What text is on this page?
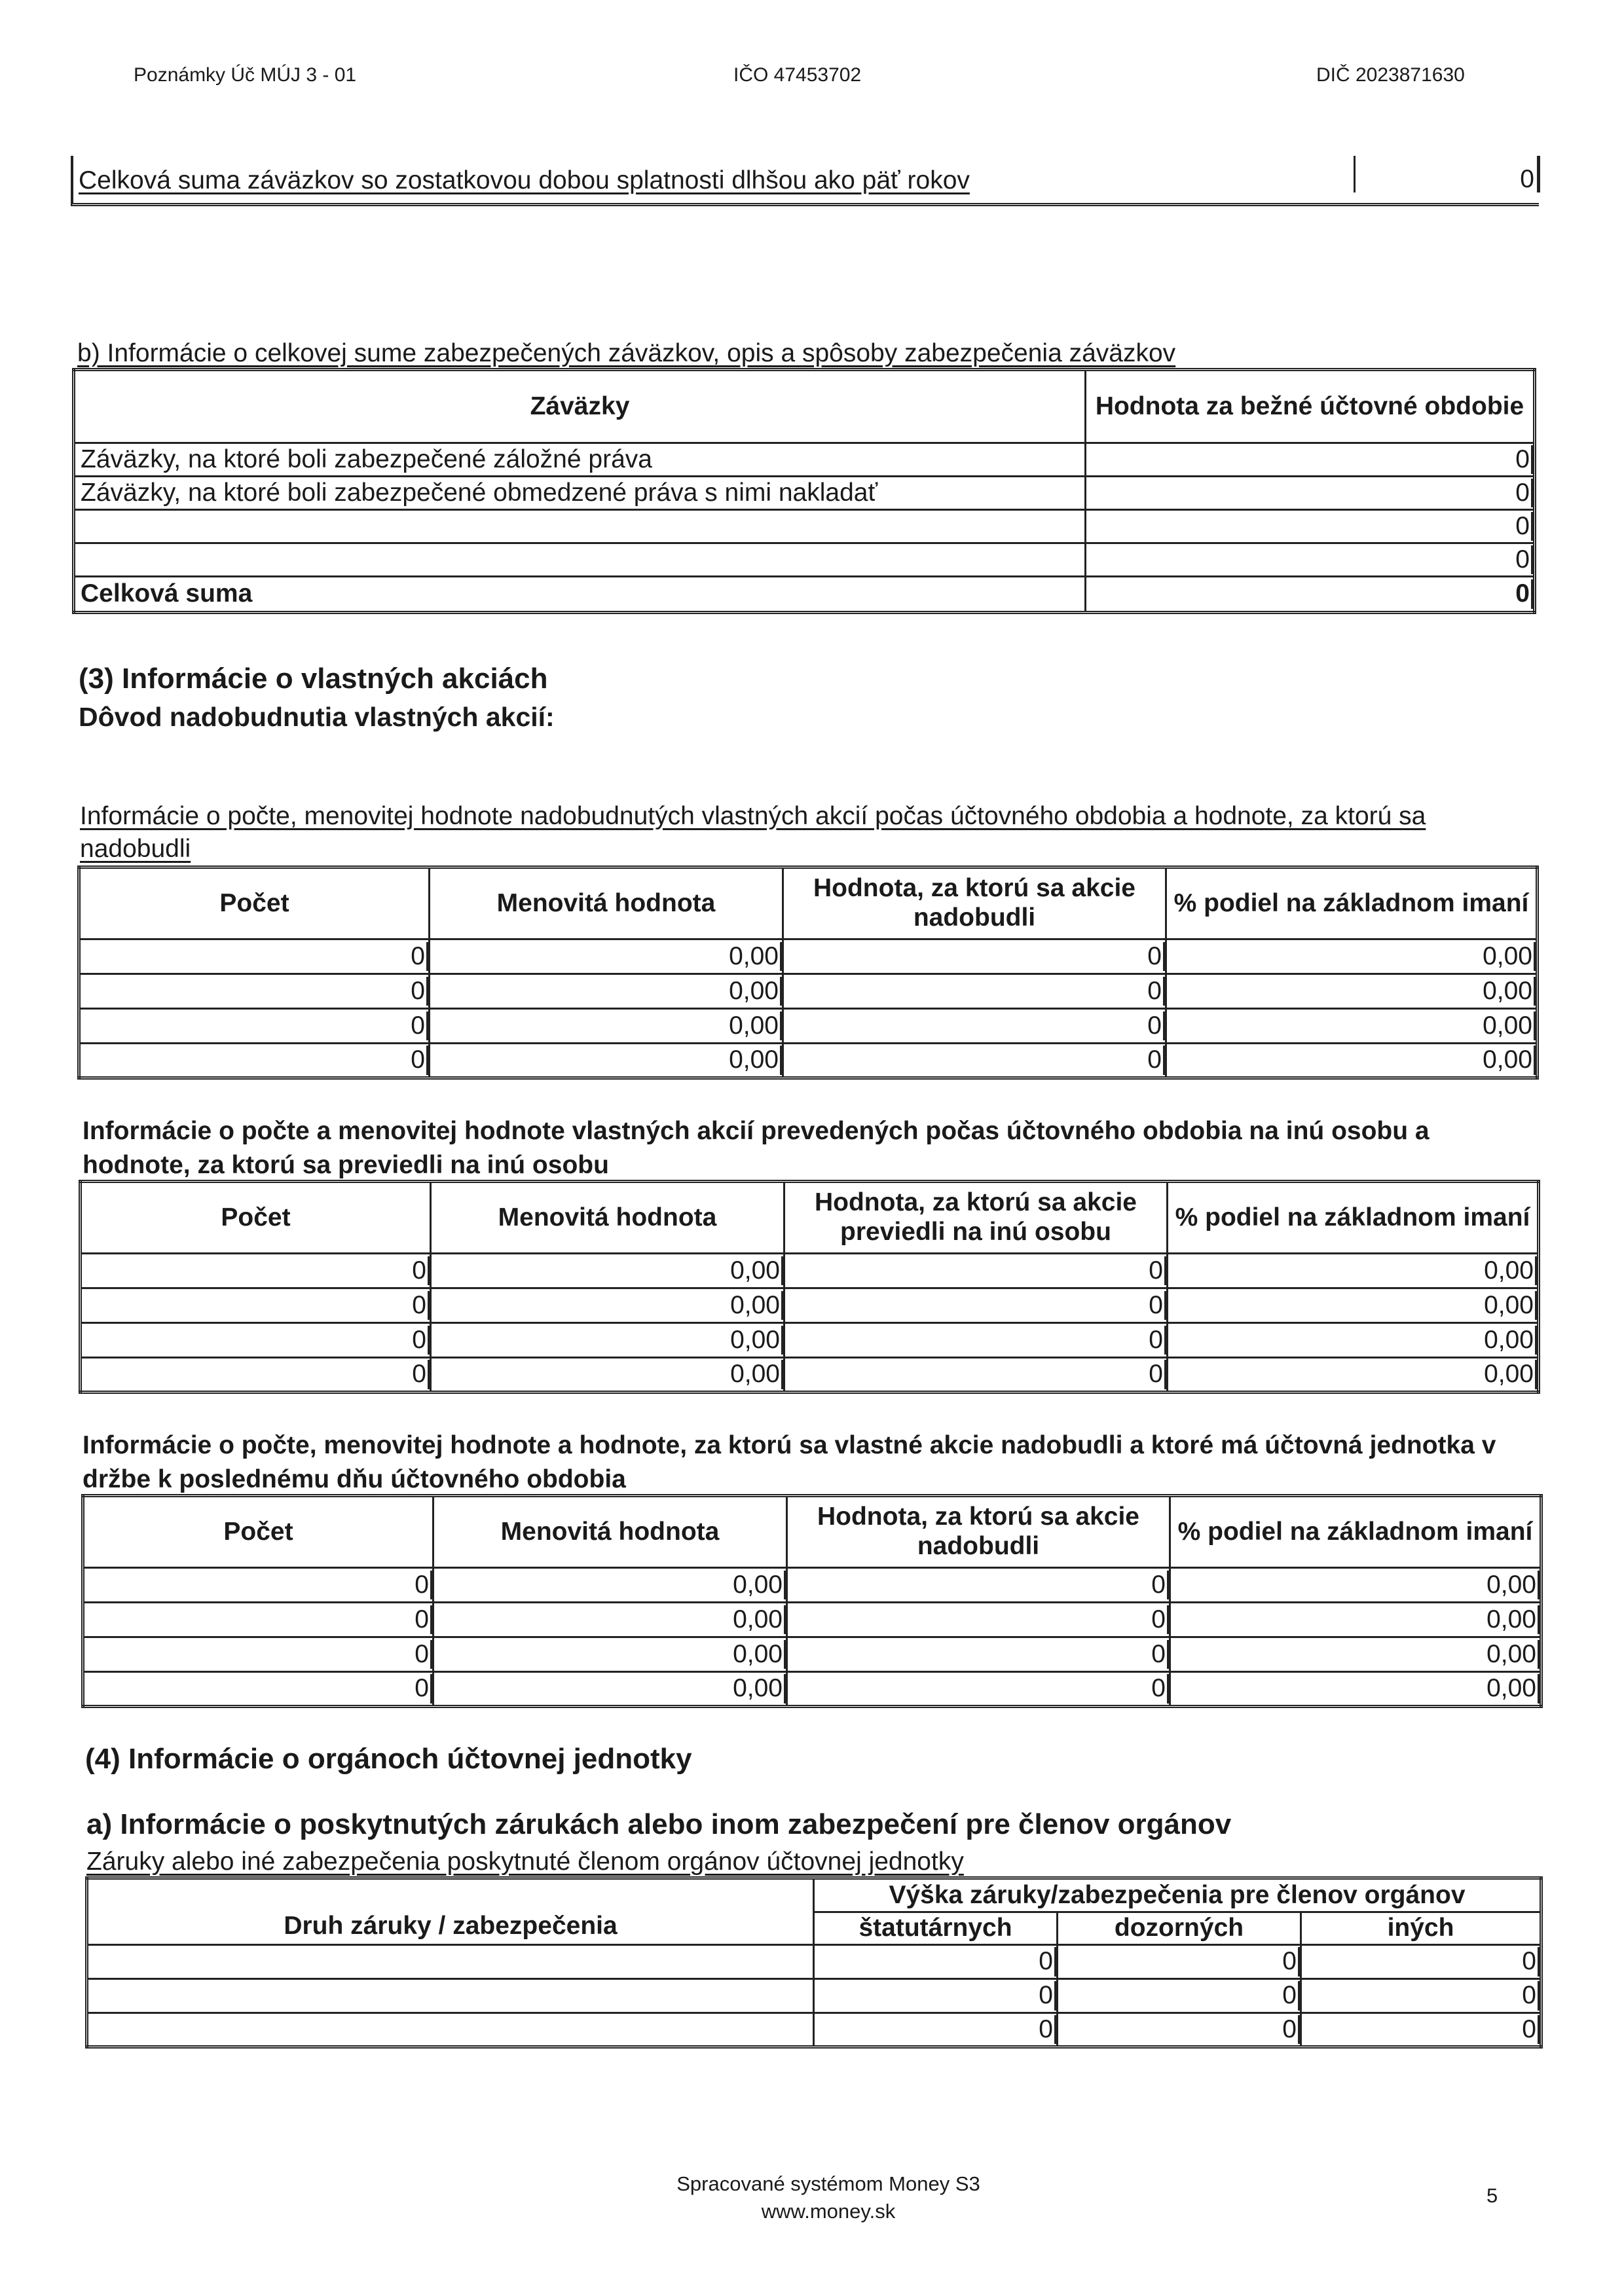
Poznámky Úč MÚJ 3 - 01	IČO 47453702	DIČ 2023871630
Celková suma záväzkov so zostatkovou dobou splatnosti dlhšou ako päť rokov	0
b) Informácie o celkovej sume zabezpečených záväzkov, opis a spôsoby zabezpečenia záväzkov
Záväzky	Hodnota za bežné účtovné obdobie
Záväzky, na ktoré boli zabezpečené záložné práva	0
Záväzky, na ktoré boli zabezpečené obmedzené práva s nimi nakladať	0
	0
	0
Celková suma	0
(3) Informácie o vlastných akciách
Dôvod nadobudnutia vlastných akcií:
Informácie o počte, menovitej hodnote nadobudnutých vlastných akcií počas účtovného obdobia a hodnote, za ktorú sa nadobudli
Počet	Menovitá hodnota	Hodnota, za ktorú sa akcie nadobudli	% podiel na základnom imaní
0	0,00	0	0,00
0	0,00	0	0,00
0	0,00	0	0,00
0	0,00	0	0,00
Informácie o počte a menovitej hodnote vlastných akcií prevedených počas účtovného obdobia na inú osobu a hodnote, za ktorú sa previedli na inú osobu
Počet	Menovitá hodnota	Hodnota, za ktorú sa akcie previedli na inú osobu	% podiel na základnom imaní
0	0,00	0	0,00
0	0,00	0	0,00
0	0,00	0	0,00
0	0,00	0	0,00
Informácie o počte, menovitej hodnote a hodnote, za ktorú sa vlastné akcie nadobudli a ktoré má účtovná jednotka v držbe k poslednému dňu účtovného obdobia
Počet	Menovitá hodnota	Hodnota, za ktorú sa akcie nadobudli	% podiel na základnom imaní
0	0,00	0	0,00
0	0,00	0	0,00
0	0,00	0	0,00
0	0,00	0	0,00
(4) Informácie o orgánoch účtovnej jednotky
a) Informácie o poskytnutých zárukách alebo inom zabezpečení pre členov orgánov
Záruky alebo iné zabezpečenia poskytnuté členom orgánov účtovnej jednotky
Druh záruky / zabezpečenia	Výška záruky/zabezpečenia pre členov orgánov		
	štatutárnych	dozorných	iných
	0	0	0
	0	0	0
	0	0	0
Spracované systémom Money S3
www.money.sk
5
